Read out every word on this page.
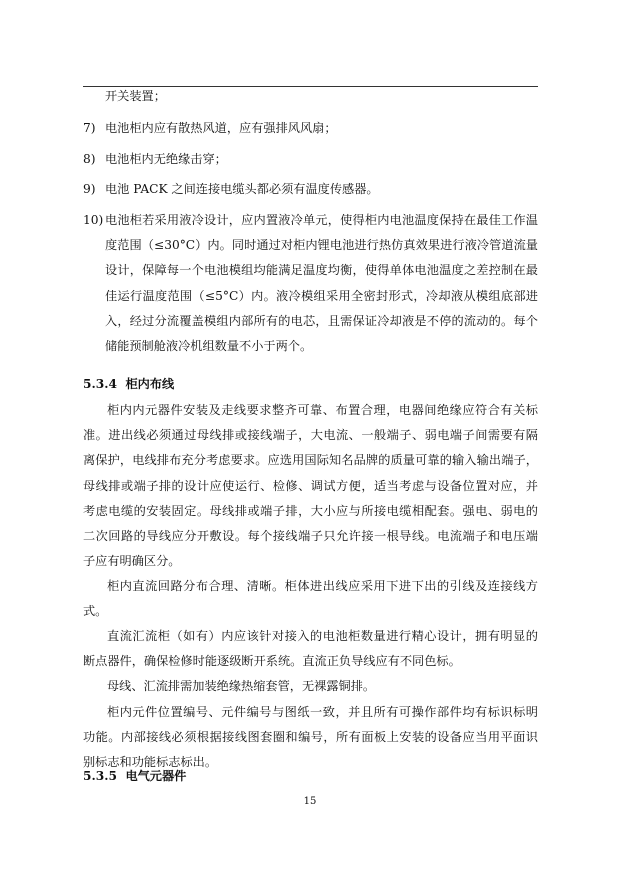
开关装置；
7) 电池柜内应有散热风道，应有强排风风扇；
8) 电池柜内无绝缘击穿；
9) 电池 PACK 之间连接电缆头都必须有温度传感器。
10) 电池柜若采用液冷设计，应内置液冷单元，使得柜内电池温度保持在最佳工作温
度范围（≤30°C）内。同时通过对柜内锂电池进行热仿真效果进行液冷管道流量
设计，保障每一个电池模组均能满足温度均衡，使得单体电池温度之差控制在最
佳运行温度范围（≤5°C）内。液冷模组采用全密封形式，冷却液从模组底部进
入，经过分流覆盖模组内部所有的电芯，且需保证冷却液是不停的流动的。每个
储能预制舱液冷机组数量不小于两个。
5.3.4 柜内布线
柜内内元器件安装及走线要求整齐可靠、布置合理，电器间绝缘应符合有关标
准。进出线必须通过母线排或接线端子，大电流、一般端子、弱电端子间需要有隔
离保护，电线排布充分考虑要求。应选用国际知名品牌的质量可靠的输入输出端子，
母线排或端子排的设计应使运行、检修、调试方便，适当考虑与设备位置对应，并
考虑电缆的安装固定。母线排或端子排，大小应与所接电缆相配套。强电、弱电的
二次回路的导线应分开敷设。每个接线端子只允许接一根导线。电流端子和电压端
子应有明确区分。
柜内直流回路分布合理、清晰。柜体进出线应采用下进下出的引线及连接线方
式。
直流汇流柜（如有）内应该针对接入的电池柜数量进行精心设计，拥有明显的
断点器件，确保检修时能逐级断开系统。直流正负导线应有不同色标。
母线、汇流排需加装绝缘热缩套管，无裸露铜排。
柜内元件位置编号、元件编号与图纸一致，并且所有可操作部件均有标识标明
功能。内部接线必须根据接线图套圈和编号，所有面板上安装的设备应当用平面识
别标志和功能标志标出。
5.3.5 电气元器件
15
